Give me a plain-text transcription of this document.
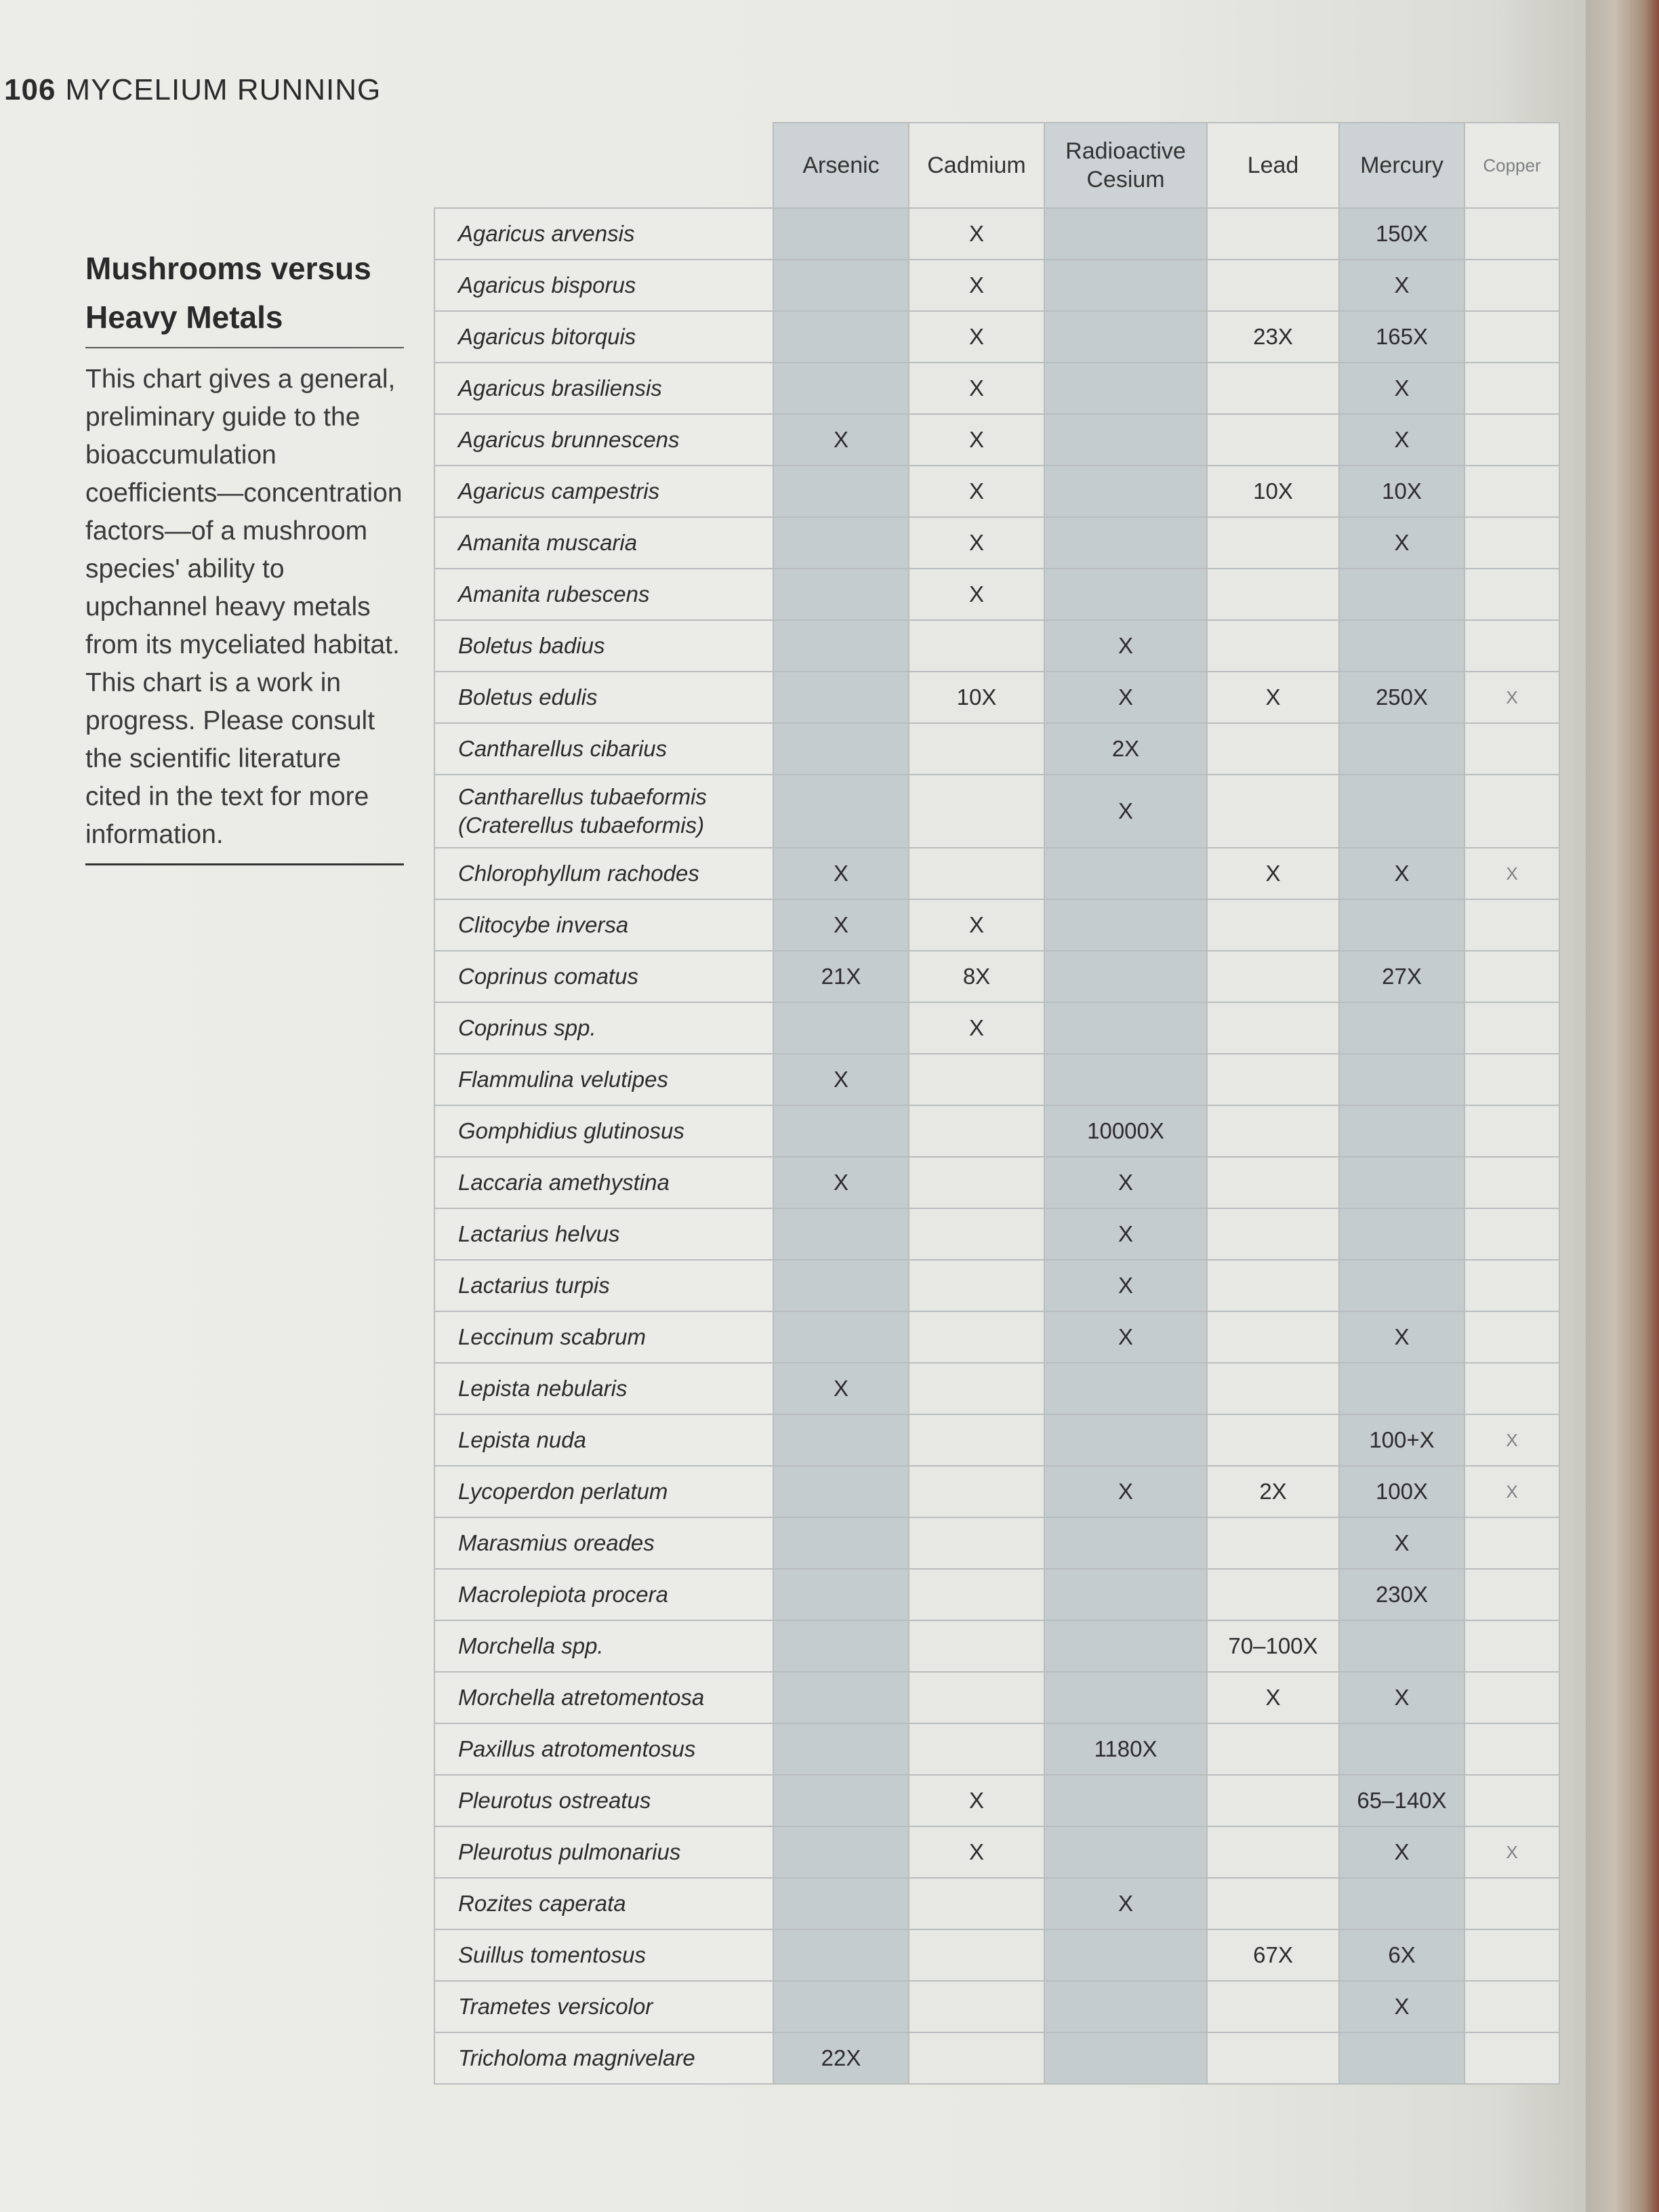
106 MYCELIUM RUNNING
Mushrooms versus Heavy Metals

This chart gives a general, preliminary guide to the bioaccumulation coefficients—concentration factors—of a mushroom species' ability to upchannel heavy metals from its myceliated habitat. This chart is a work in progress. Please consult the scientific literature cited in the text for more information.

	Arsenic	Cadmium	Radioactive Cesium	Lead	Mercury	Copper
Agaricus arvensis		X			150X	
Agaricus bisporus		X			X	
Agaricus bitorquis		X		23X	165X	
Agaricus brasiliensis		X			X	
Agaricus brunnescens	X	X			X	
Agaricus campestris		X		10X	10X	
Amanita muscaria		X			X	
Amanita rubescens		X				
Boletus badius			X			
Boletus edulis		10X	X	X	250X	X
Cantharellus cibarius			2X			
Cantharellus tubaeformis (Craterellus tubaeformis)			X			
Chlorophyllum rachodes	X			X	X	X
Clitocybe inversa	X	X				
Coprinus comatus	21X	8X			27X	
Coprinus spp.		X				
Flammulina velutipes	X					
Gomphidius glutinosus			10000X			
Laccaria amethystina	X		X			
Lactarius helvus			X			
Lactarius turpis			X			
Leccinum scabrum			X		X	
Lepista nebularis	X					
Lepista nuda					100+X	X
Lycoperdon perlatum			X	2X	100X	X
Marasmius oreades					X	
Macrolepiota procera					230X	
Morchella spp.				70–100X		
Morchella atretomentosa				X	X	
Paxillus atrotomentosus			1180X			
Pleurotus ostreatus		X			65–140X	
Pleurotus pulmonarius		X			X	X
Rozites caperata			X			
Suillus tomentosus				67X	6X	
Trametes versicolor					X	
Tricholoma magnivelare	22X					
